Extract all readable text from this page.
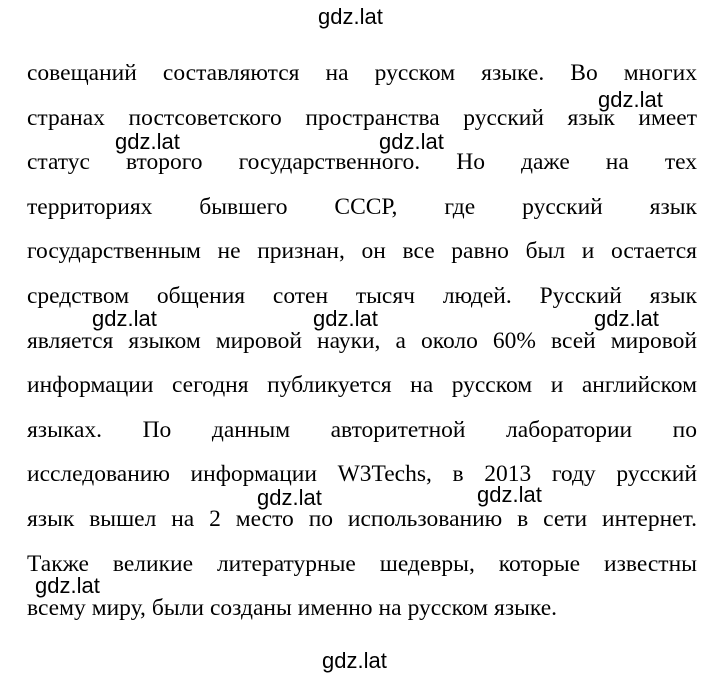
совещаний составляются на русском языке. Во многих
странах постсоветского пространства русский язык имеет
статус второго государственного. Но даже на тех
территориях бывшего СССР, где русский язык
государственным не признан, он все равно был и остается
средством общения сотен тысяч людей. Русский язык
является языком мировой науки, а около 60% всей мировой
информации сегодня публикуется на русском и английском
языках. По данным авторитетной лаборатории по
исследованию информации W3Techs, в 2013 году русский
язык вышел на 2 место по использованию в сети интернет.
Также великие литературные шедевры, которые известны
всему миру, были созданы именно на русском языке.
gdz.lat
gdz.lat
gdz.lat	gdz.lat
gdz.lat	gdz.lat	gdz.lat
gdz.lat	gdz.lat
gdz.lat
gdz.lat
